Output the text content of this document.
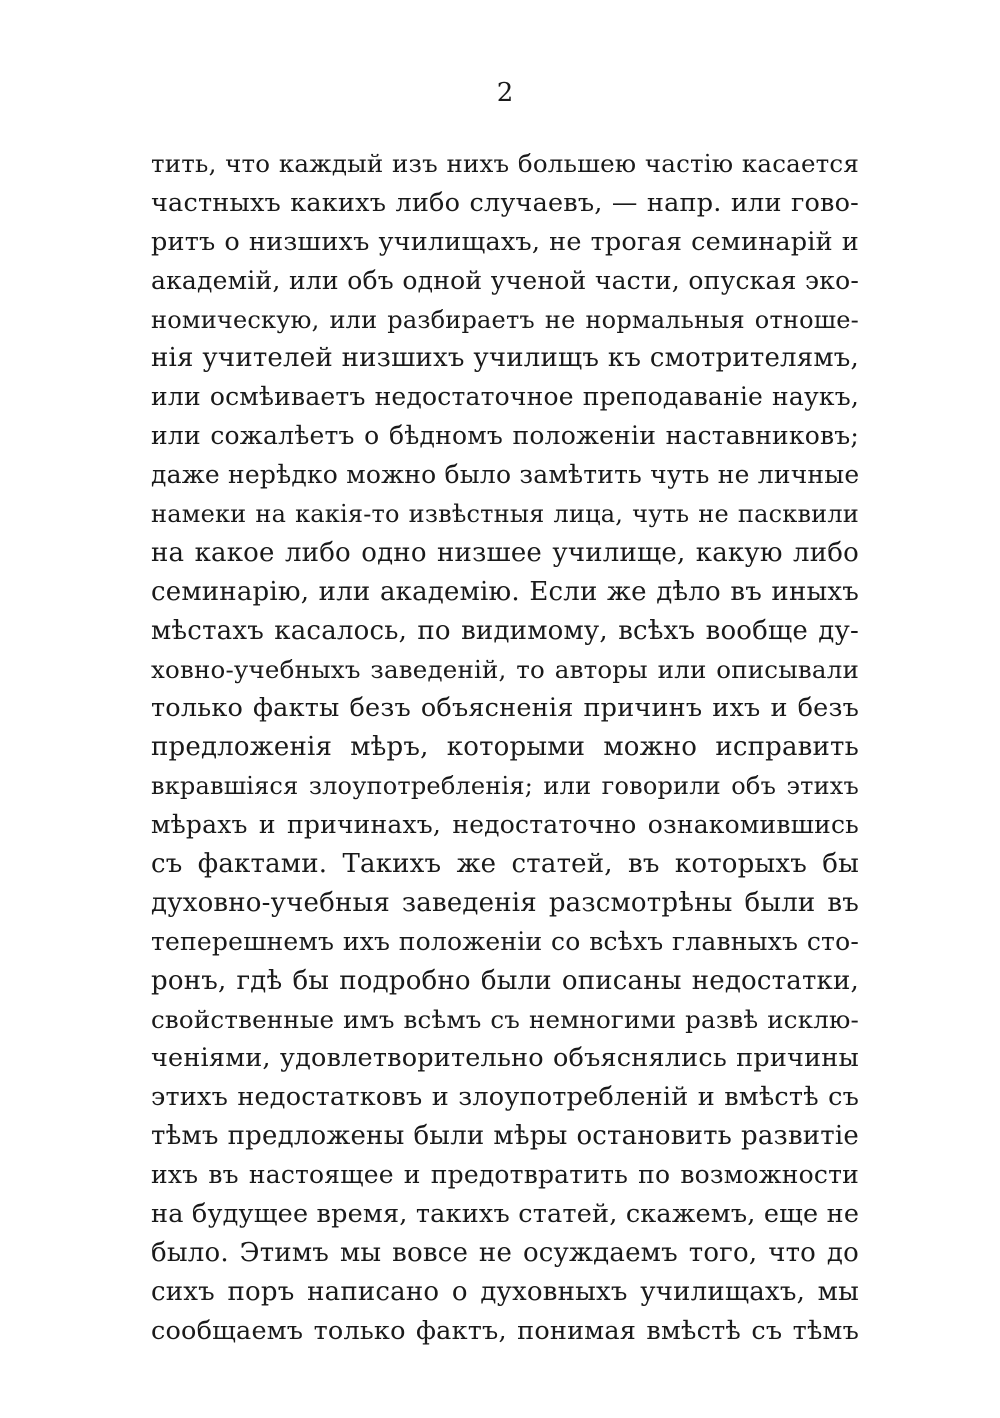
2
тить, что каждый изъ нихъ большею частію касается
частныхъ какихъ либо случаевъ, — напр. или гово-
ритъ о низшихъ училищахъ, не трогая семинарій и
академій, или объ одной ученой части, опуская эко-
номическую, или разбираетъ не нормальныя отноше-
нія учителей низшихъ училищъ къ смотрителямъ,
или осмѣиваетъ недостаточное преподаваніе наукъ,
или сожалѣетъ о бѣдномъ положеніи наставниковъ;
даже нерѣдко можно было замѣтить чуть не личные
намеки на какія-то извѣстныя лица, чуть не пасквили
на какое либо одно низшее училище, какую либо
семинарію, или академію. Если же дѣло въ иныхъ
мѣстахъ касалось, по видимому, всѣхъ вообще ду-
ховно-учебныхъ заведеній, то авторы или описывали
только факты безъ объясненія причинъ ихъ и безъ
предложенія мѣръ, которыми можно исправить
вкравшіяся злоупотребленія; или говорили объ этихъ
мѣрахъ и причинахъ, недостаточно ознакомившись
съ фактами. Такихъ же статей, въ которыхъ бы
духовно-учебныя заведенія разсмотрѣны были въ
теперешнемъ ихъ положеніи со всѣхъ главныхъ сто-
ронъ, гдѣ бы подробно были описаны недостатки,
свойственные имъ всѣмъ съ немногими развѣ исклю-
ченіями, удовлетворительно объяснялись причины
этихъ недостатковъ и злоупотребленій и вмѣстѣ съ
тѣмъ предложены были мѣры остановить развитіе
ихъ въ настоящее и предотвратить по возможности
на будущее время, такихъ статей, скажемъ, еще не
было. Этимъ мы вовсе не осуждаемъ того, что до
сихъ поръ написано о духовныхъ училищахъ, мы
сообщаемъ только фактъ, понимая вмѣстѣ съ тѣмъ
